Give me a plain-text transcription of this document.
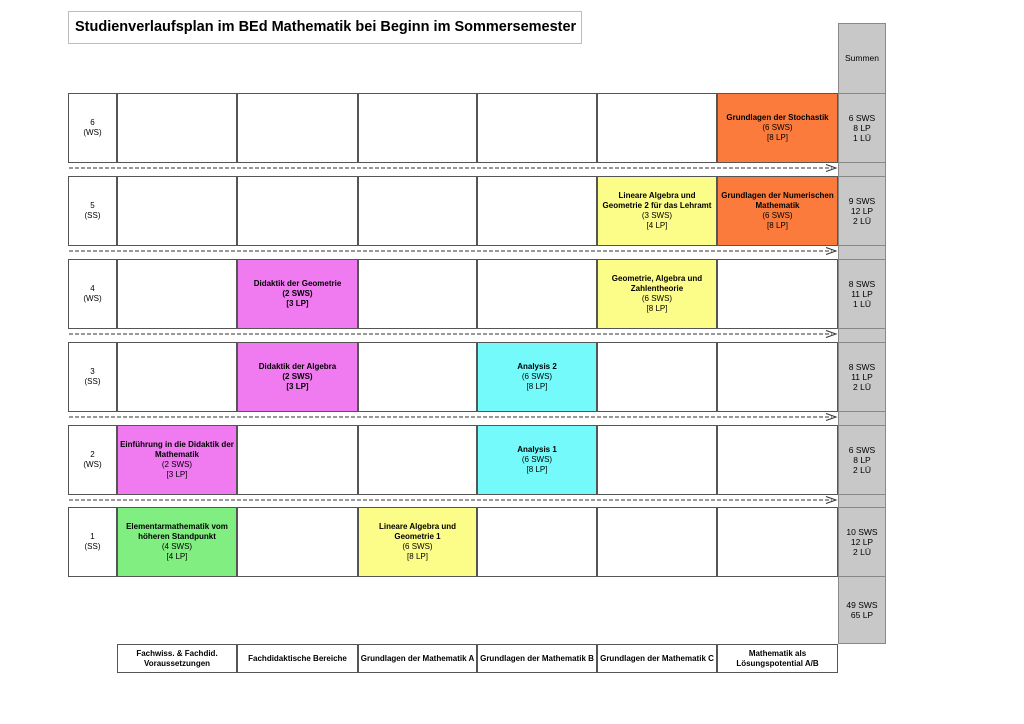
Studienverlaufsplan im BEd Mathematik bei Beginn im Sommersemester
Summen
6
(WS)
Grundlagen der Stochastik
(6 SWS)
[8 LP]
6 SWS
8 LP
1 LÜ
5
(SS)
Lineare Algebra und Geometrie 2 für das Lehramt
(3 SWS)
[4 LP]
Grundlagen der Numerischen Mathematik
(6 SWS)
[8 LP]
9 SWS
12 LP
2 LÜ
4
(WS)
Didaktik der Geometrie
(2 SWS)
[3 LP]
Geometrie, Algebra und Zahlentheorie
(6 SWS)
[8 LP]
8 SWS
11 LP
1 LÜ
3
(SS)
Didaktik der Algebra
(2 SWS)
[3 LP]
Analysis 2
(6 SWS)
[8 LP]
8 SWS
11 LP
2 LÜ
2
(WS)
Einführung in die Didaktik der Mathematik
(2 SWS)
[3 LP]
Analysis 1
(6 SWS)
[8 LP]
6 SWS
8 LP
2 LÜ
1
(SS)
Elementarmathematik vom höheren Standpunkt
(4 SWS)
[4 LP]
Lineare Algebra und Geometrie 1
(6 SWS)
[8 LP]
10 SWS
12 LP
2 LÜ
49 SWS
65 LP
Fachwiss. & Fachdid. Voraussetzungen
Fachdidaktische Bereiche	Grundlagen der Mathematik A Grundlagen der Mathematik B Grundlagen der Mathematik C
Mathematik als Lösungspotential A/B
